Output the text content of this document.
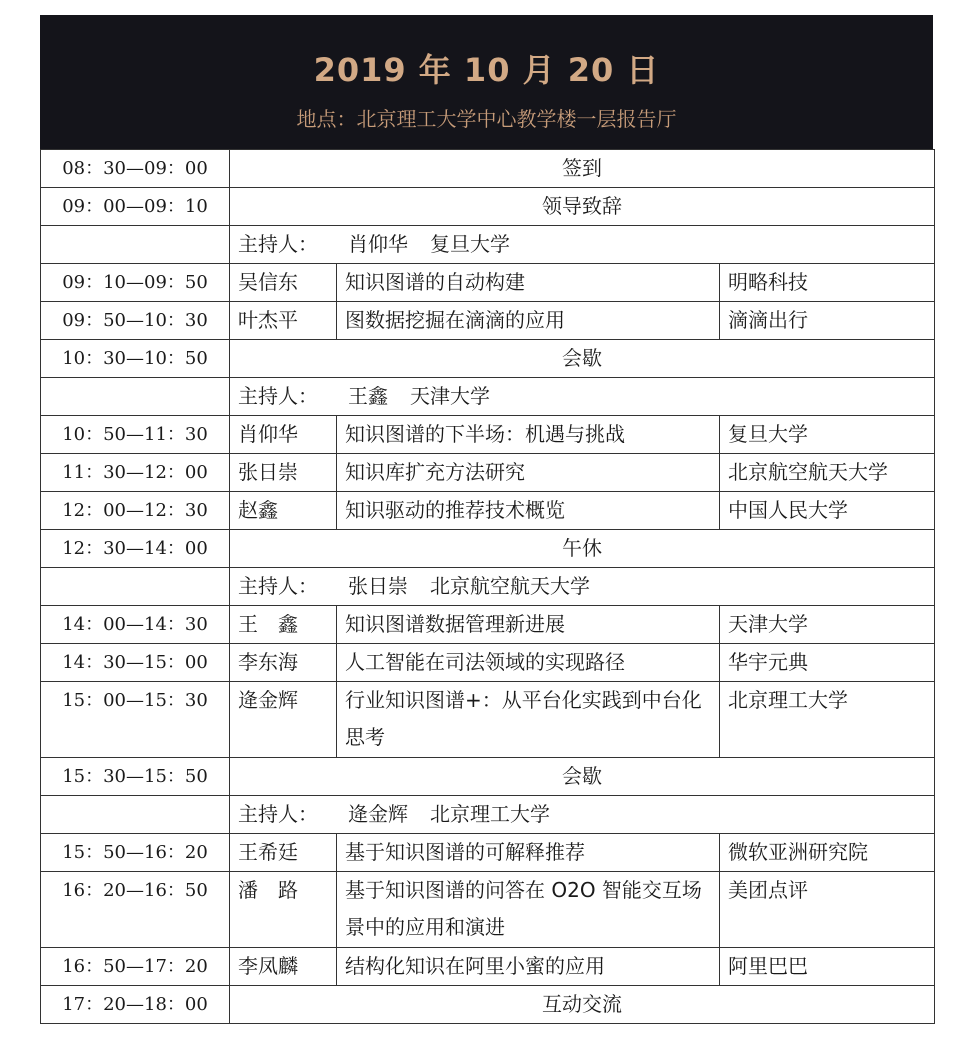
2019 年 10 月 20 日
地点：北京理工大学中心教学楼一层报告厅
08：30—09：00	签到		
09：00—09：10	领导致辞		
	主持人： 肖仰华 复旦大学		
09：10—09：50	吴信东	知识图谱的自动构建	明略科技
09：50—10：30	叶杰平	图数据挖掘在滴滴的应用	滴滴出行
10：30—10：50	会歇		
	主持人： 王鑫 天津大学		
10：50—11：30	肖仰华	知识图谱的下半场：机遇与挑战	复旦大学
11：30—12：00	张日崇	知识库扩充方法研究	北京航空航天大学
12：00—12：30	赵鑫	知识驱动的推荐技术概览	中国人民大学
12：30—14：00	午休		
	主持人： 张日崇 北京航空航天大学		
14：00—14：30	王　鑫	知识图谱数据管理新进展	天津大学
14：30—15：00	李东海	人工智能在司法领域的实现路径	华宇元典
15：00—15：30	逄金辉	行业知识图谱+：从平台化实践到中台化思考	北京理工大学
15：30—15：50	会歇		
	主持人： 逄金辉 北京理工大学		
15：50—16：20	王希廷	基于知识图谱的可解释推荐	微软亚洲研究院
16：20—16：50	潘　路	基于知识图谱的问答在 O2O 智能交互场景中的应用和演进	美团点评
16：50—17：20	李凤麟	结构化知识在阿里小蜜的应用	阿里巴巴
17：20—18：00	互动交流		
